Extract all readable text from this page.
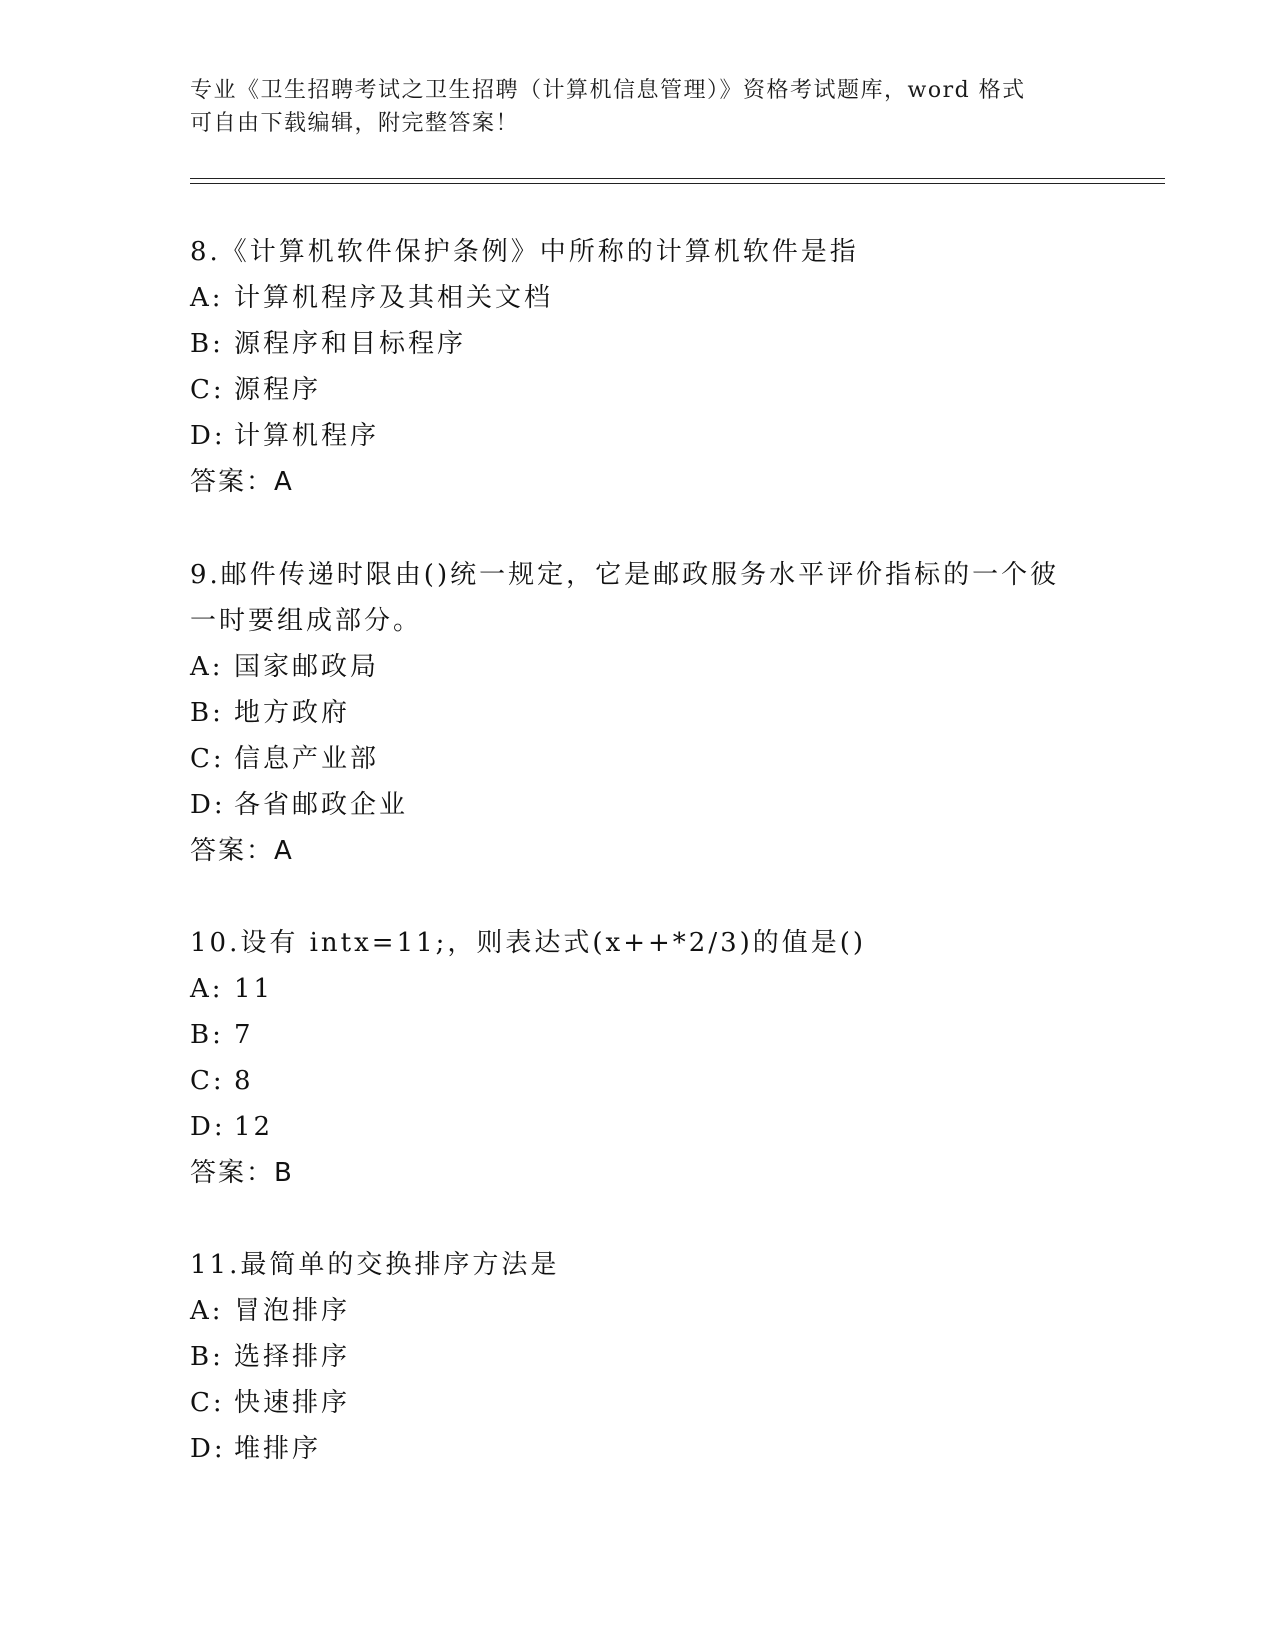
专业《卫生招聘考试之卫生招聘（计算机信息管理）》资格考试题库，word 格式
可自由下载编辑，附完整答案！
8.《计算机软件保护条例》中所称的计算机软件是指
A: 计算机程序及其相关文档
B: 源程序和目标程序
C: 源程序
D: 计算机程序
答案：A
9.邮件传递时限由()统一规定，它是邮政服务水平评价指标的一个彼
一时要组成部分。
A: 国家邮政局
B: 地方政府
C: 信息产业部
D: 各省邮政企业
答案：A
10.设有 intx=11;，则表达式(x++*2/3)的值是()
A: 11
B: 7
C: 8
D: 12
答案：B
11.最简单的交换排序方法是
A: 冒泡排序
B: 选择排序
C: 快速排序
D: 堆排序
